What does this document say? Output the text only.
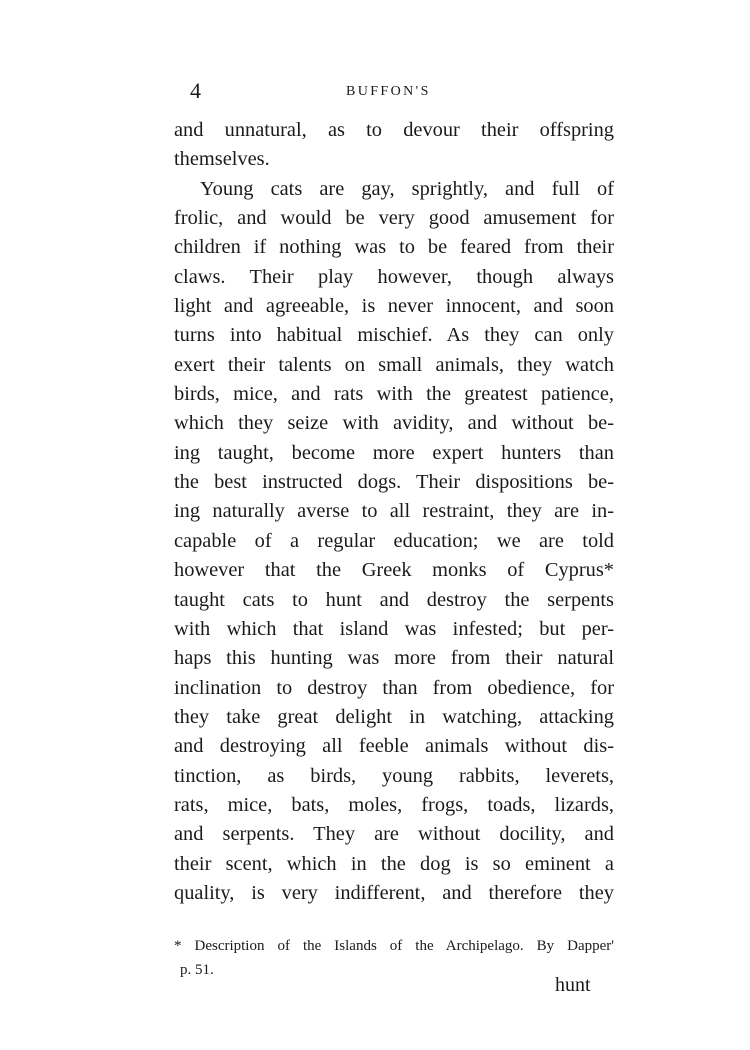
4	BUFFON'S
and unnatural, as to devour their offspring
themselves.
Young cats are gay, sprightly, and full of
frolic, and would be very good amusement for
children if nothing was to be feared from their
claws. Their play however, though always
light and agreeable, is never innocent, and soon
turns into habitual mischief. As they can only
exert their talents on small animals, they watch
birds, mice, and rats with the greatest patience,
which they seize with avidity, and without be-
ing taught, become more expert hunters than
the best instructed dogs. Their dispositions be-
ing naturally averse to all restraint, they are in-
capable of a regular education; we are told
however that the Greek monks of Cyprus*
taught cats to hunt and destroy the serpents
with which that island was infested; but per-
haps this hunting was more from their natural
inclination to destroy than from obedience, for
they take great delight in watching, attacking
and destroying all feeble animals without dis-
tinction, as birds, young rabbits, leverets,
rats, mice, bats, moles, frogs, toads, lizards,
and serpents. They are without docility, and
their scent, which in the dog is so eminent a
quality, is very indifferent, and therefore they
* Description of the Islands of the Archipelago. By Dapper'
p. 51.
hunt
